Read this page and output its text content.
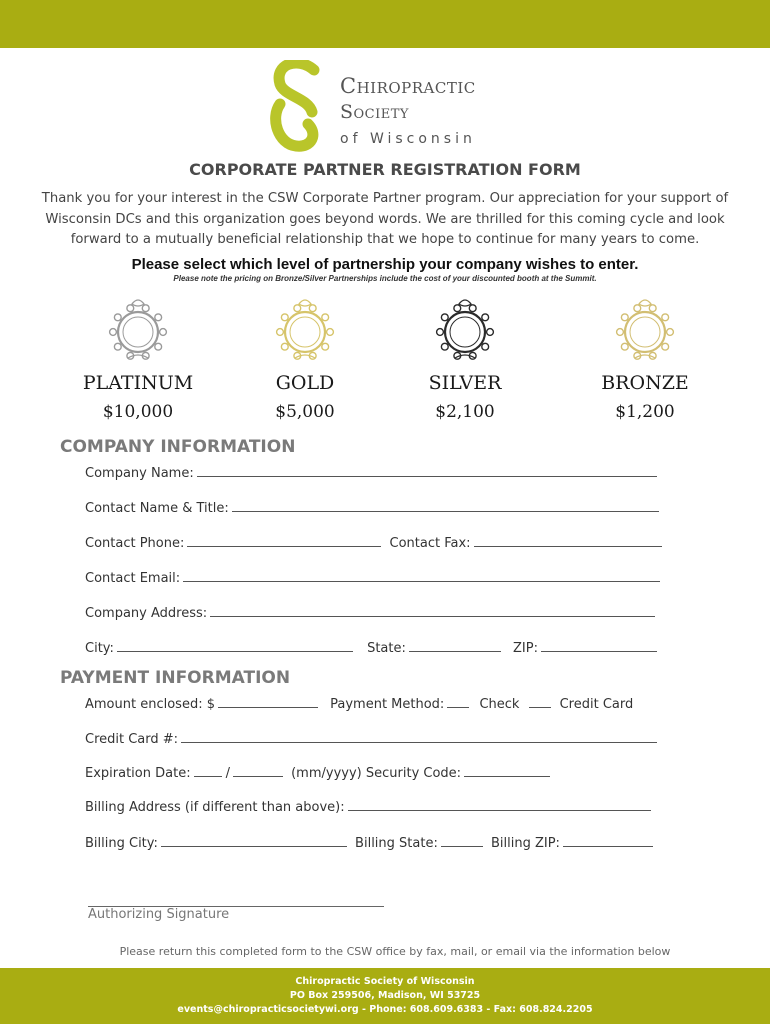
Chiropractic
Society
of Wisconsin
CORPORATE PARTNER REGISTRATION FORM
Thank you for your interest in the CSW Corporate Partner program. Our appreciation for your support of Wisconsin DCs and this organization goes beyond words. We are thrilled for this coming cycle and look forward to a mutually beneficial relationship that we hope to continue for many years to come.
Please select which level of partnership your company wishes to enter.
Please note the pricing on Bronze/Silver Partnerships include the cost of your discounted booth at the Summit.
PLATINUM
$10,000
GOLD
$5,000
SILVER
$2,100
BRONZE
$1,200
COMPANY INFORMATION
Company Name:
Contact Name & Title:
Contact Phone:	Contact Fax:
Contact Email:
Company Address:
City:	State:	ZIP:
PAYMENT INFORMATION
Amount enclosed: $	Payment Method:	Check	Credit Card
Credit Card #:
Expiration Date:	/	(mm/yyyy) Security Code:
Billing Address (if different than above):
Billing City:	Billing State:	Billing ZIP:
Authorizing Signature
Please return this completed form to the CSW office by fax, mail, or email via the information below
Chiropractic Society of Wisconsin
PO Box 259506, Madison, WI 53725
events@chiropracticsocietywi.org - Phone: 608.609.6383 - Fax: 608.824.2205
